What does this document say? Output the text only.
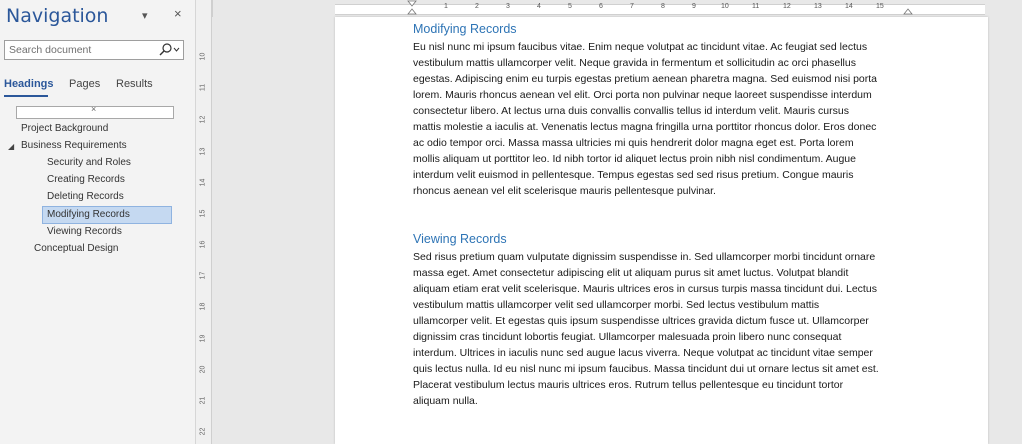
Navigation	▾ ×
Search document
Headings Pages Results
×
◢
Project Background
Business Requirements
Security and Roles
Creating Records
Deleting Records
Modifying Records
Viewing Records
Conceptual Design
10
11
12
13
14
15
16
17
18
19
20
21
22
1	2	3	4	5	6	7	8	9	10	11	12	13	14	15
Modifying Records
Eu nisl nunc mi ipsum faucibus vitae. Enim neque volutpat ac tincidunt vitae. Ac feugiat sed lectus
vestibulum mattis ullamcorper velit. Neque gravida in fermentum et sollicitudin ac orci phasellus
egestas. Adipiscing enim eu turpis egestas pretium aenean pharetra magna. Sed euismod nisi porta
lorem. Mauris rhoncus aenean vel elit. Orci porta non pulvinar neque laoreet suspendisse interdum
consectetur libero. At lectus urna duis convallis convallis tellus id interdum velit. Mauris cursus
mattis molestie a iaculis at. Venenatis lectus magna fringilla urna porttitor rhoncus dolor. Eros donec
ac odio tempor orci. Massa massa ultricies mi quis hendrerit dolor magna eget est. Porta lorem
mollis aliquam ut porttitor leo. Id nibh tortor id aliquet lectus proin nibh nisl condimentum. Augue
interdum velit euismod in pellentesque. Tempus egestas sed sed risus pretium. Congue mauris
rhoncus aenean vel elit scelerisque mauris pellentesque pulvinar.
Viewing Records
Sed risus pretium quam vulputate dignissim suspendisse in. Sed ullamcorper morbi tincidunt ornare
massa eget. Amet consectetur adipiscing elit ut aliquam purus sit amet luctus. Volutpat blandit
aliquam etiam erat velit scelerisque. Mauris ultrices eros in cursus turpis massa tincidunt dui. Lectus
vestibulum mattis ullamcorper velit sed ullamcorper morbi. Sed lectus vestibulum mattis
ullamcorper velit. Et egestas quis ipsum suspendisse ultrices gravida dictum fusce ut. Ullamcorper
dignissim cras tincidunt lobortis feugiat. Ullamcorper malesuada proin libero nunc consequat
interdum. Ultrices in iaculis nunc sed augue lacus viverra. Neque volutpat ac tincidunt vitae semper
quis lectus nulla. Id eu nisl nunc mi ipsum faucibus. Massa tincidunt dui ut ornare lectus sit amet est.
Placerat vestibulum lectus mauris ultrices eros. Rutrum tellus pellentesque eu tincidunt tortor
aliquam nulla.
